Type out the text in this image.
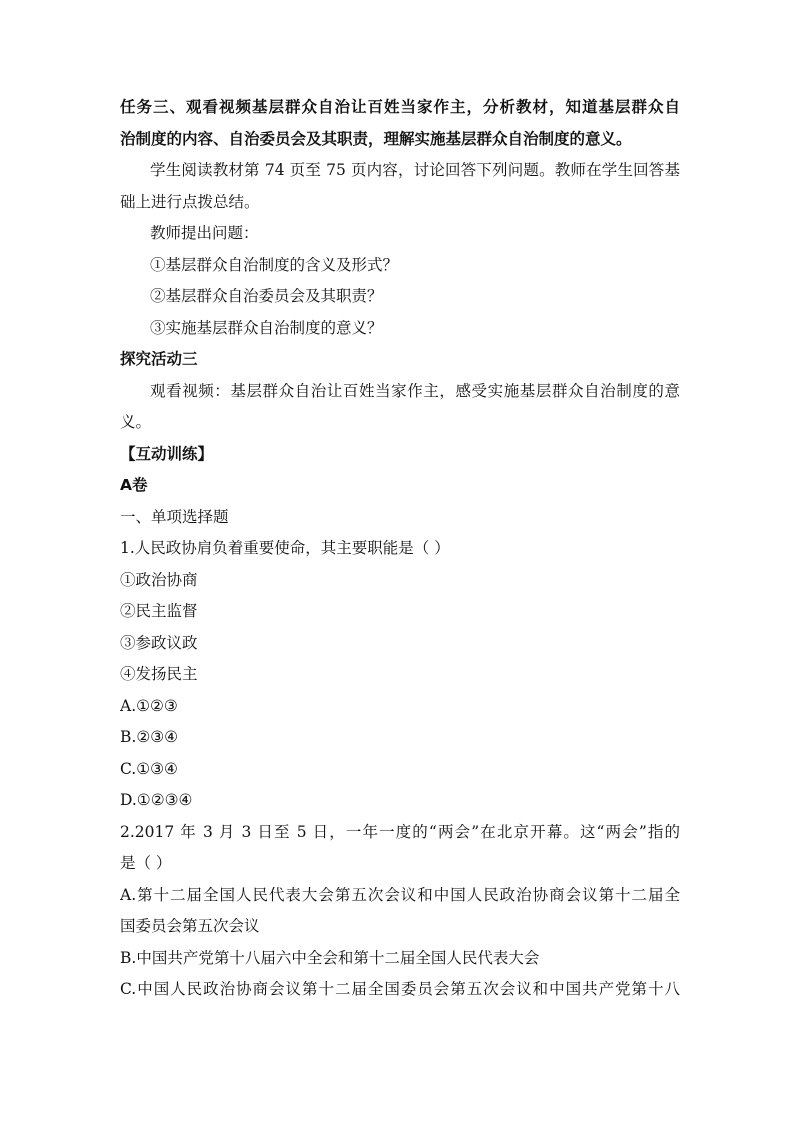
任务三、观看视频基层群众自治让百姓当家作主，分析教材，知道基层群众自
治制度的内容、自治委员会及其职责，理解实施基层群众自治制度的意义。
学生阅读教材第 74 页至 75 页内容，讨论回答下列问题。教师在学生回答基
础上进行点拨总结。
教师提出问题：
①基层群众自治制度的含义及形式？
②基层群众自治委员会及其职责？
③实施基层群众自治制度的意义？
探究活动三
观看视频：基层群众自治让百姓当家作主，感受实施基层群众自治制度的意
义。
【互动训练】
A卷
一、单项选择题
1.人民政协肩负着重要使命，其主要职能是（ ）
①政治协商
②民主监督
③参政议政
④发扬民主
A.①②③
B.②③④
C.①③④
D.①②③④
2.2017 年 3 月 3 日至 5 日，一年一度的“两会”在北京开幕。这“两会”指的
是（ ）
A.第十二届全国人民代表大会第五次会议和中国人民政治协商会议第十二届全
国委员会第五次会议
B.中国共产党第十八届六中全会和第十二届全国人民代表大会
C.中国人民政治协商会议第十二届全国委员会第五次会议和中国共产党第十八
